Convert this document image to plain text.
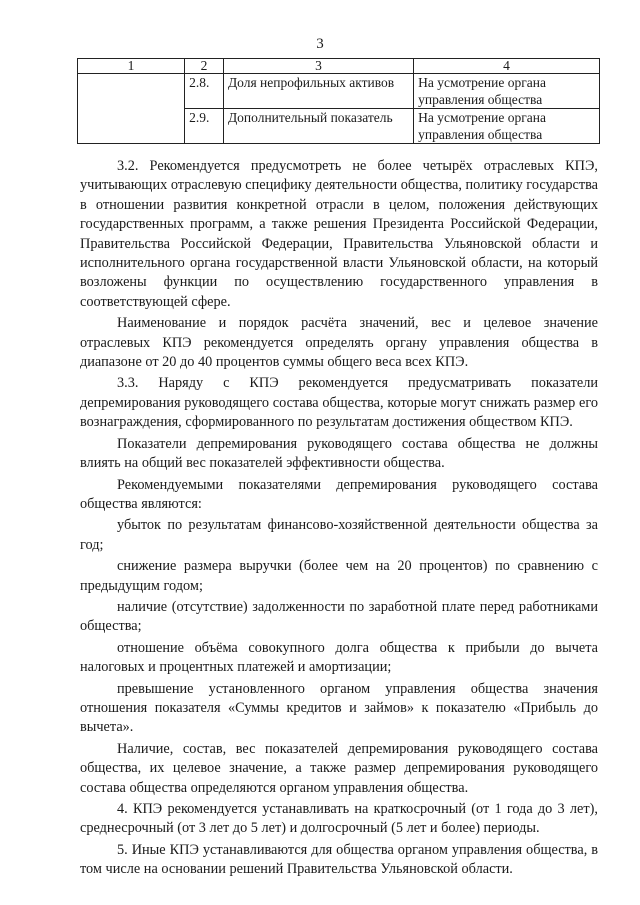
3
1	2	3	4
	2.8.	Доля непрофильных активов	На усмотрение органа управления общества
	2.9.	Дополнительный показатель	На усмотрение органа управления общества

3.2. Рекомендуется предусмотреть не более четырёх отраслевых КПЭ, учитывающих отраслевую специфику деятельности общества, политику государства в отношении развития конкретной отрасли в целом, положения действующих государственных программ, а также решения Президента Российской Федерации, Правительства Российской Федерации, Правительства Ульяновской области и исполнительного органа государственной власти Ульяновской области, на который возложены функции по осуществлению государственного управления в соответствующей сфере.

Наименование и порядок расчёта значений, вес и целевое значение отраслевых КПЭ рекомендуется определять органу управления общества в диапазоне от 20 до 40 процентов суммы общего веса всех КПЭ.

3.3. Наряду с КПЭ рекомендуется предусматривать показатели депремирования руководящего состава общества, которые могут снижать размер его вознаграждения, сформированного по результатам достижения обществом КПЭ.

Показатели депремирования руководящего состава общества не должны влиять на общий вес показателей эффективности общества.

Рекомендуемыми показателями депремирования руководящего состава общества являются:

убыток по результатам финансово-хозяйственной деятельности общества за год;

снижение размера выручки (более чем на 20 процентов) по сравнению с предыдущим годом;

наличие (отсутствие) задолженности по заработной плате перед работниками общества;

отношение объёма совокупного долга общества к прибыли до вычета налоговых и процентных платежей и амортизации;

превышение установленного органом управления общества значения отношения показателя «Суммы кредитов и займов» к показателю «Прибыль до вычета».

Наличие, состав, вес показателей депремирования руководящего состава общества, их целевое значение, а также размер депремирования руководящего состава общества определяются органом управления общества.

4. КПЭ рекомендуется устанавливать на краткосрочный (от 1 года до 3 лет), среднесрочный (от 3 лет до 5 лет) и долгосрочный (5 лет и более) периоды.

5. Иные КПЭ устанавливаются для общества органом управления общества, в том числе на основании решений Правительства Ульяновской области.
